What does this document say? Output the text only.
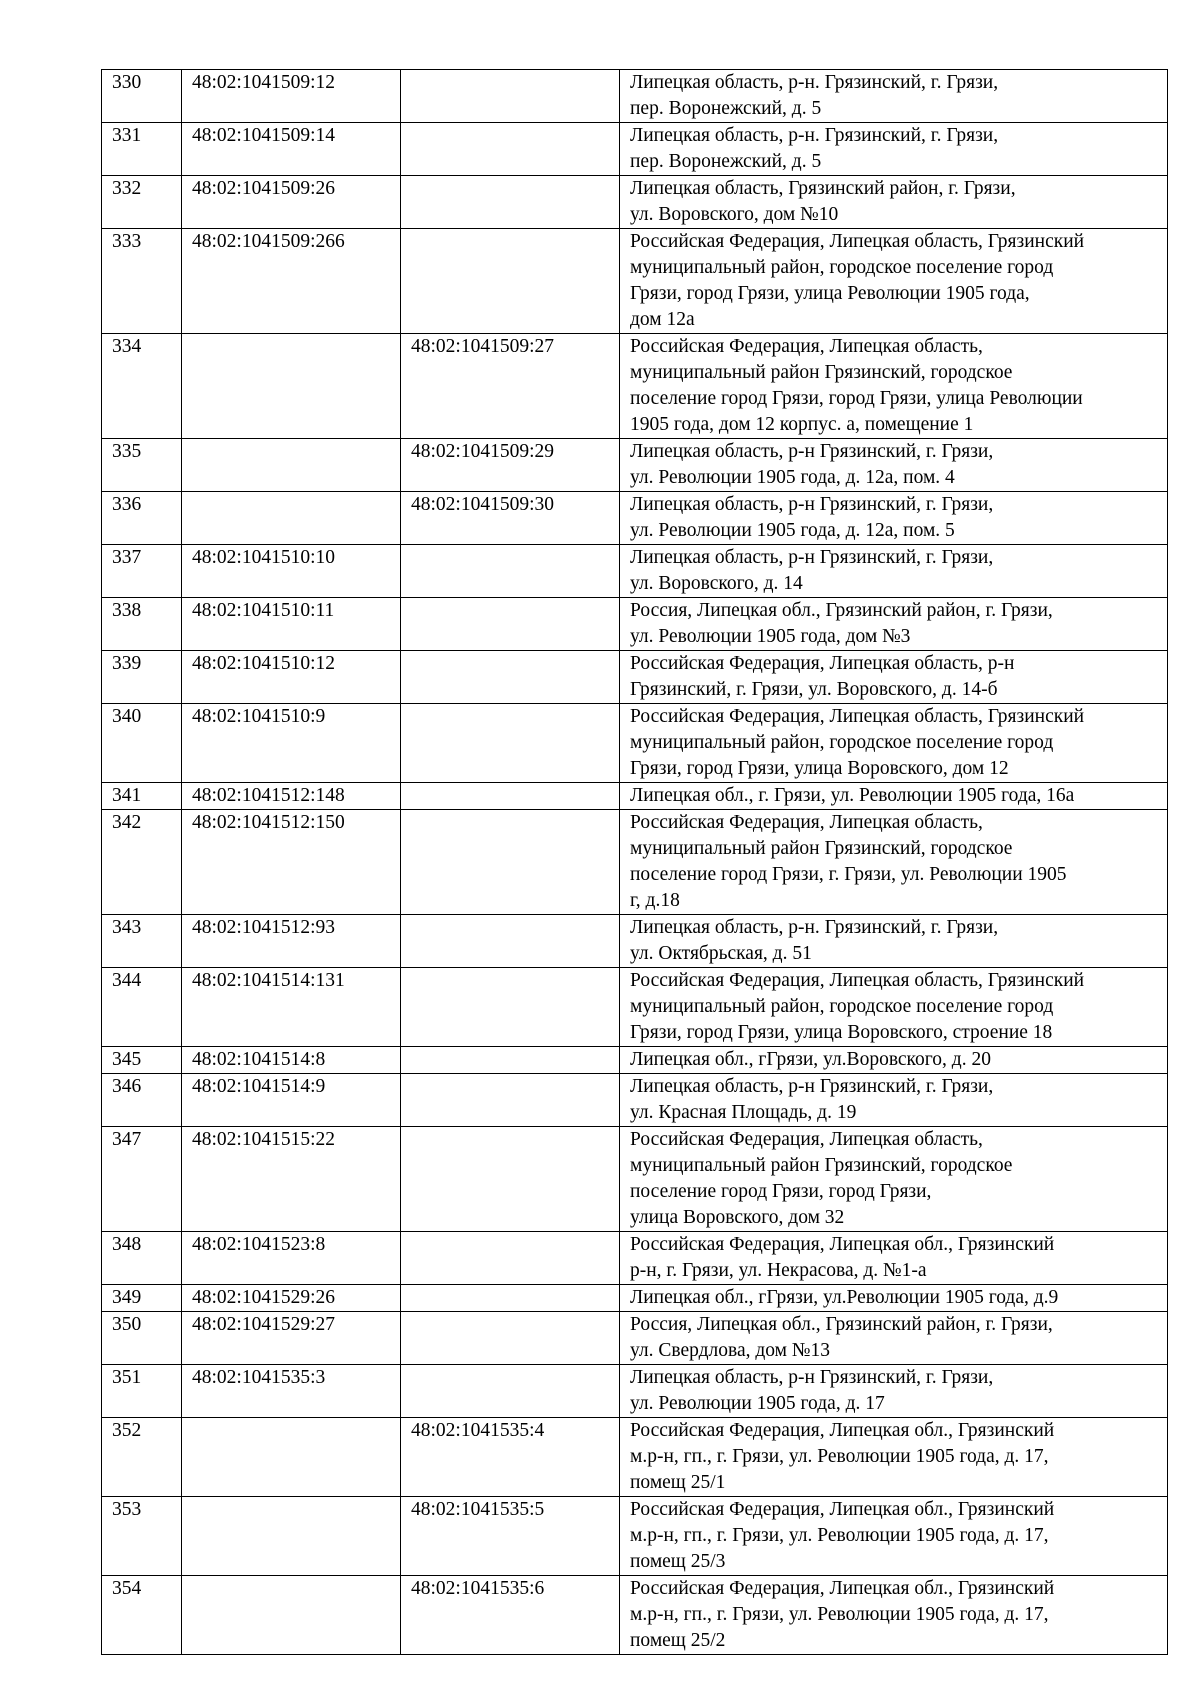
330	48:02:1041509:12		Липецкая область, р-н. Грязинский, г. Грязи,
пер. Воронежский, д. 5

331	48:02:1041509:14		Липецкая область, р-н. Грязинский, г. Грязи,
пер. Воронежский, д. 5

332	48:02:1041509:26		Липецкая область, Грязинский район, г. Грязи,
ул. Воровского, дом №10

333	48:02:1041509:266		Российская Федерация, Липецкая область, Грязинский
муниципальный район, городское поселение город
Грязи, город Грязи, улица Революции 1905 года,
дом 12а

334		48:02:1041509:27	Российская Федерация, Липецкая область,
муниципальный район Грязинский, городское
поселение город Грязи, город Грязи, улица Революции
1905 года, дом 12 корпус. а, помещение 1

335		48:02:1041509:29	Липецкая область, р-н Грязинский, г. Грязи,
ул. Революции 1905 года, д. 12а, пом. 4

336		48:02:1041509:30	Липецкая область, р-н Грязинский, г. Грязи,
ул. Революции 1905 года, д. 12а, пом. 5

337	48:02:1041510:10		Липецкая область, р-н Грязинский, г. Грязи,
ул. Воровского, д. 14

338	48:02:1041510:11		Россия, Липецкая обл., Грязинский район, г. Грязи,
ул. Революции 1905 года, дом №3

339	48:02:1041510:12		Российская Федерация, Липецкая область, р-н
Грязинский, г. Грязи, ул. Воровского, д. 14-б

340	48:02:1041510:9		Российская Федерация, Липецкая область, Грязинский
муниципальный район, городское поселение город
Грязи, город Грязи, улица Воровского, дом 12

341	48:02:1041512:148		Липецкая обл., г. Грязи, ул. Революции 1905 года, 16а

342	48:02:1041512:150		Российская Федерация, Липецкая область,
муниципальный район Грязинский, городское
поселение город Грязи, г. Грязи, ул. Революции 1905
г, д.18

343	48:02:1041512:93		Липецкая область, р-н. Грязинский, г. Грязи,
ул. Октябрьская, д. 51

344	48:02:1041514:131		Российская Федерация, Липецкая область, Грязинский
муниципальный район, городское поселение город
Грязи, город Грязи, улица Воровского, строение 18

345	48:02:1041514:8		Липецкая обл., гГрязи, ул.Воровского, д. 20

346	48:02:1041514:9		Липецкая область, р-н Грязинский, г. Грязи,
ул. Красная Площадь, д. 19

347	48:02:1041515:22		Российская Федерация, Липецкая область,
муниципальный район Грязинский, городское
поселение город Грязи, город Грязи,
улица Воровского, дом 32

348	48:02:1041523:8		Российская Федерация, Липецкая обл., Грязинский
р-н, г. Грязи, ул. Некрасова, д. №1-а

349	48:02:1041529:26		Липецкая обл., гГрязи, ул.Революции 1905 года, д.9

350	48:02:1041529:27		Россия, Липецкая обл., Грязинский район, г. Грязи,
ул. Свердлова, дом №13

351	48:02:1041535:3		Липецкая область, р-н Грязинский, г. Грязи,
ул. Революции 1905 года, д. 17

352		48:02:1041535:4	Российская Федерация, Липецкая обл., Грязинский
м.р-н, гп., г. Грязи, ул. Революции 1905 года, д. 17,
помещ 25/1

353		48:02:1041535:5	Российская Федерация, Липецкая обл., Грязинский
м.р-н, гп., г. Грязи, ул. Революции 1905 года, д. 17,
помещ 25/3

354		48:02:1041535:6	Российская Федерация, Липецкая обл., Грязинский
м.р-н, гп., г. Грязи, ул. Революции 1905 года, д. 17,
помещ 25/2
